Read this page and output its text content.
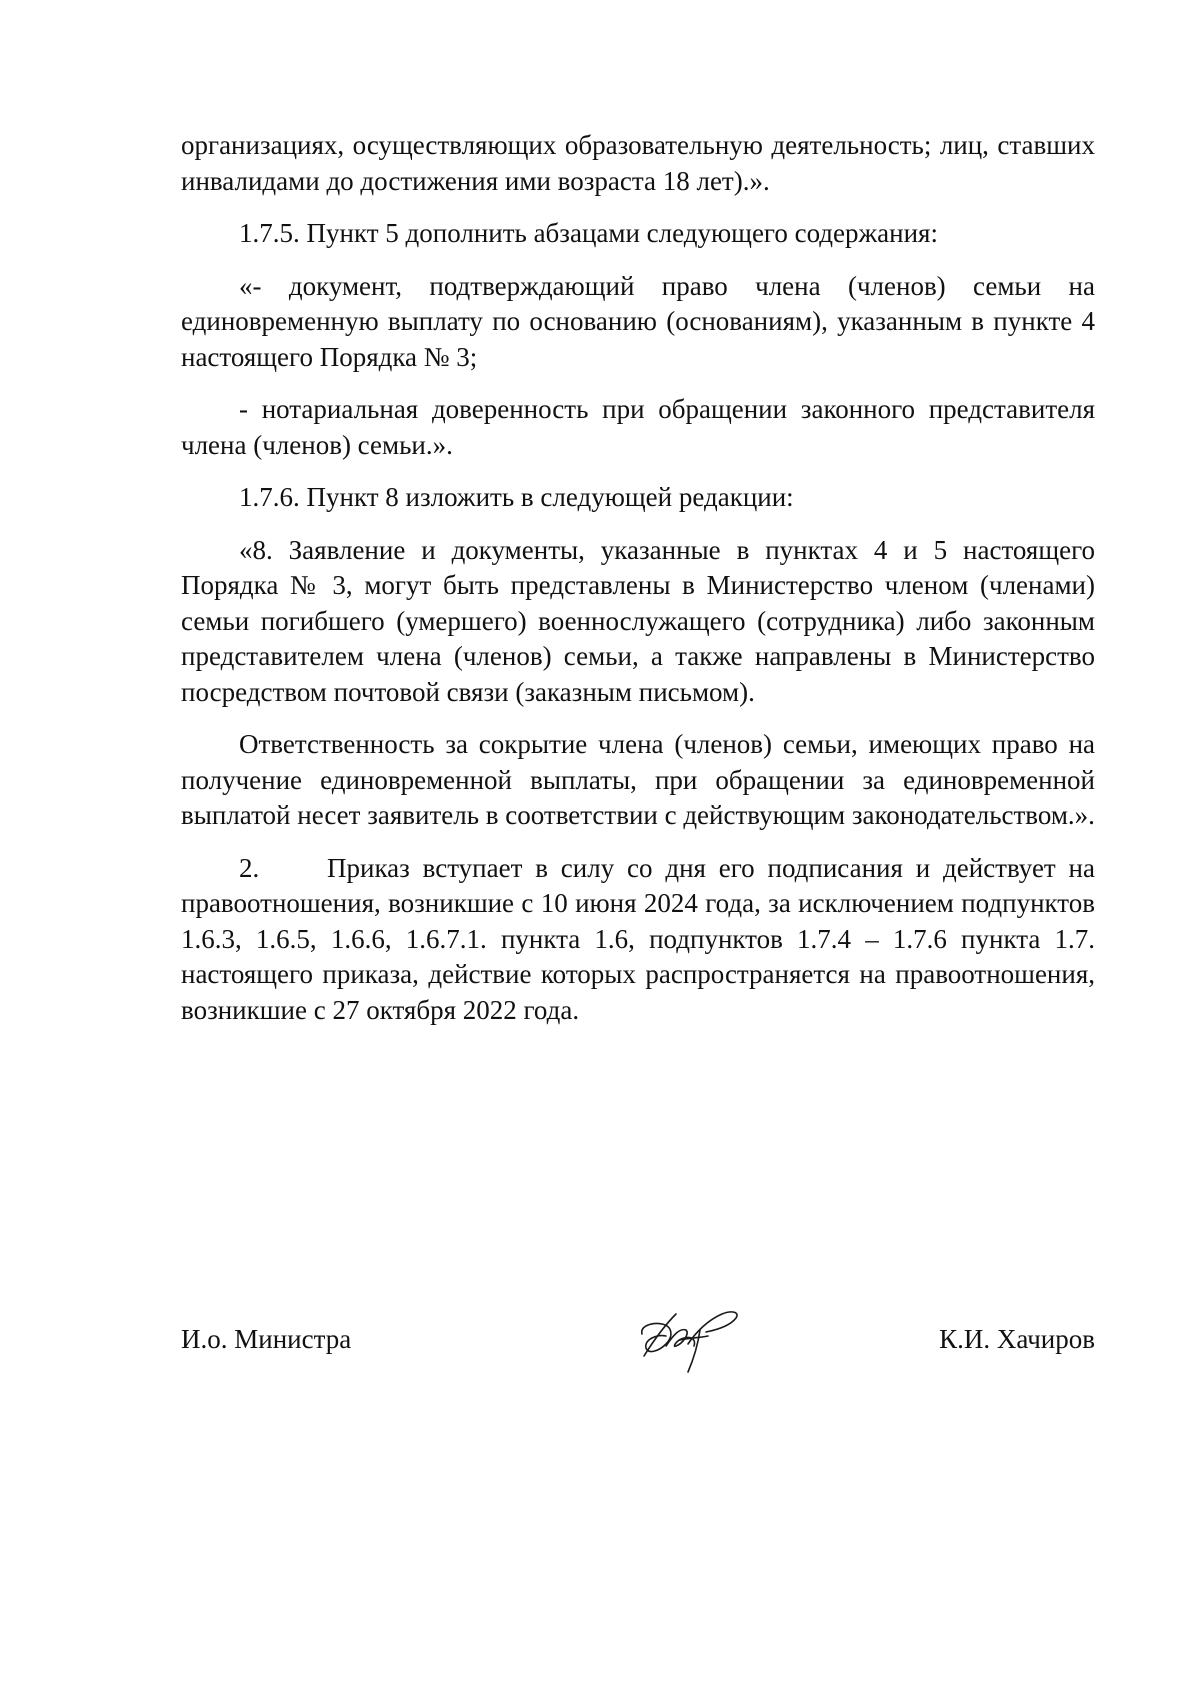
организациях, осуществляющих образовательную деятельность; лиц, ставших инвалидами до достижения ими возраста 18 лет).».

1.7.5. Пункт 5 дополнить абзацами следующего содержания:

«- документ, подтверждающий право члена (членов) семьи на единовременную выплату по основанию (основаниям), указанным в пункте 4 настоящего Порядка № 3;

- нотариальная доверенность при обращении законного представителя члена (членов) семьи.».

1.7.6. Пункт 8 изложить в следующей редакции:

«8. Заявление и документы, указанные в пунктах 4 и 5 настоящего Порядка № 3, могут быть представлены в Министерство членом (членами) семьи погибшего (умершего) военнослужащего (сотрудника) либо законным представителем члена (членов) семьи, а также направлены в Министерство посредством почтовой связи (заказным письмом).

Ответственность за сокрытие члена (членов) семьи, имеющих право на получение единовременной выплаты, при обращении за единовременной выплатой несет заявитель в соответствии с действующим законодательством.».

2.	Приказ вступает в силу со дня его подписания и действует на правоотношения, возникшие с 10 июня 2024 года, за исключением подпунктов 1.6.3, 1.6.5, 1.6.6, 1.6.7.1. пункта 1.6, подпунктов 1.7.4 – 1.7.6 пункта 1.7. настоящего приказа, действие которых распространяется на правоотношения, возникшие с 27 октября 2022 года.

И.о. Министра	К.И. Хачиров
